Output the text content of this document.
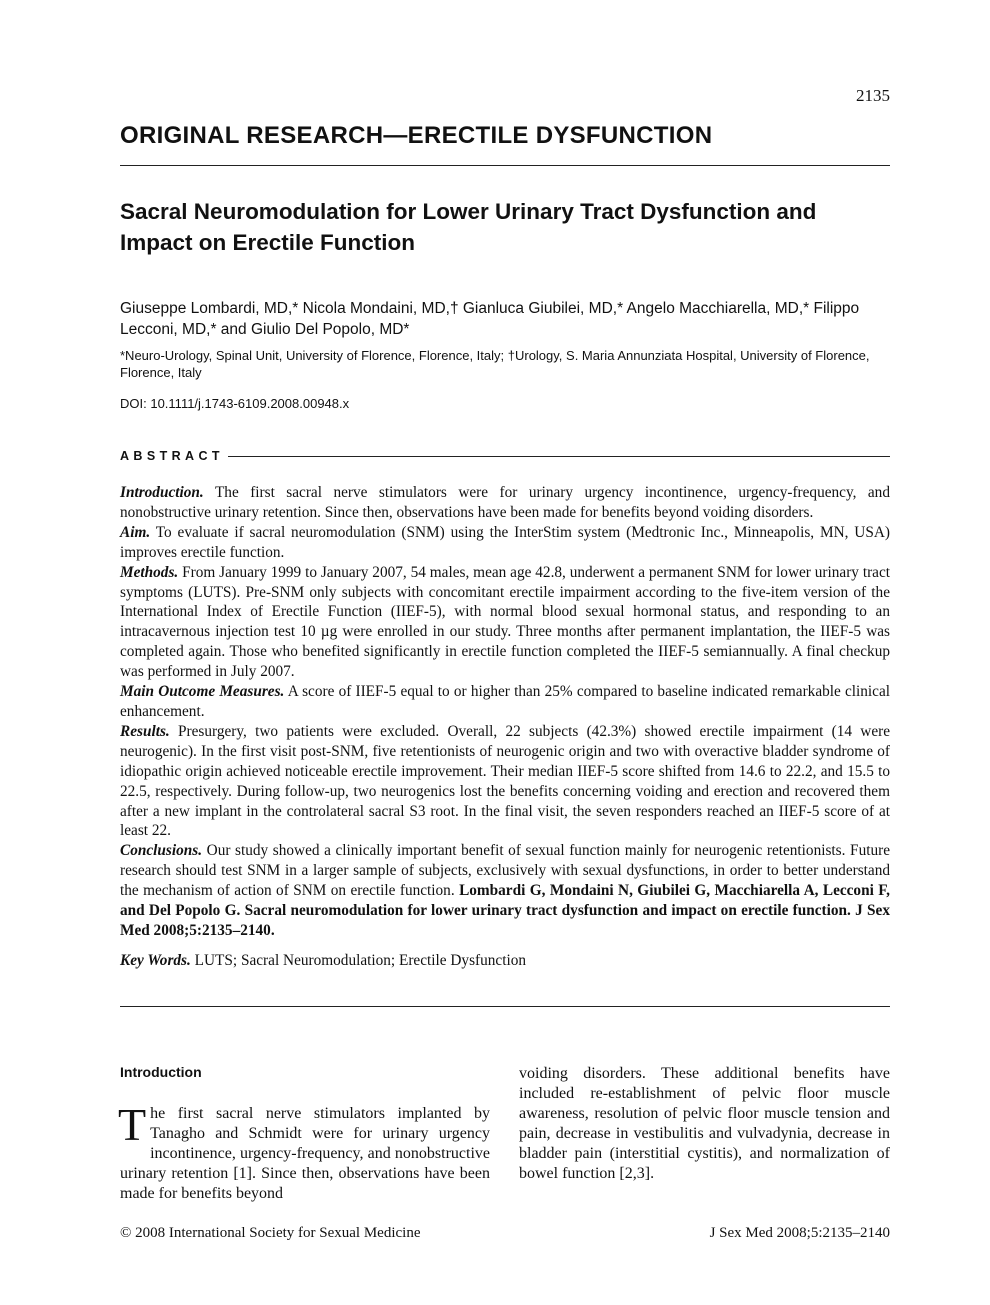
2135
ORIGINAL RESEARCH—ERECTILE DYSFUNCTION
Sacral Neuromodulation for Lower Urinary Tract Dysfunction and Impact on Erectile Function
Giuseppe Lombardi, MD,* Nicola Mondaini, MD,† Gianluca Giubilei, MD,* Angelo Macchiarella, MD,* Filippo Lecconi, MD,* and Giulio Del Popolo, MD*
*Neuro-Urology, Spinal Unit, University of Florence, Florence, Italy; †Urology, S. Maria Annunziata Hospital, University of Florence, Florence, Italy
DOI: 10.1111/j.1743-6109.2008.00948.x
ABSTRACT

Introduction. The first sacral nerve stimulators were for urinary urgency incontinence, urgency-frequency, and nonobstructive urinary retention. Since then, observations have been made for benefits beyond voiding disorders.

Aim. To evaluate if sacral neuromodulation (SNM) using the InterStim system (Medtronic Inc., Minneapolis, MN, USA) improves erectile function.

Methods. From January 1999 to January 2007, 54 males, mean age 42.8, underwent a permanent SNM for lower urinary tract symptoms (LUTS). Pre-SNM only subjects with concomitant erectile impairment according to the five-item version of the International Index of Erectile Function (IIEF-5), with normal blood sexual hormonal status, and responding to an intracavernous injection test 10 µg were enrolled in our study. Three months after permanent implantation, the IIEF-5 was completed again. Those who benefited significantly in erectile function completed the IIEF-5 semiannually. A final checkup was performed in July 2007.

Main Outcome Measures. A score of IIEF-5 equal to or higher than 25% compared to baseline indicated remarkable clinical enhancement.

Results. Presurgery, two patients were excluded. Overall, 22 subjects (42.3%) showed erectile impairment (14 were neurogenic). In the first visit post-SNM, five retentionists of neurogenic origin and two with overactive bladder syndrome of idiopathic origin achieved noticeable erectile improvement. Their median IIEF-5 score shifted from 14.6 to 22.2, and 15.5 to 22.5, respectively. During follow-up, two neurogenics lost the benefits concerning voiding and erection and recovered them after a new implant in the controlateral sacral S3 root. In the final visit, the seven responders reached an IIEF-5 score of at least 22.

Conclusions. Our study showed a clinically important benefit of sexual function mainly for neurogenic retentionists. Future research should test SNM in a larger sample of subjects, exclusively with sexual dysfunctions, in order to better understand the mechanism of action of SNM on erectile function. Lombardi G, Mondaini N, Giubilei G, Macchiarella A, Lecconi F, and Del Popolo G. Sacral neuromodulation for lower urinary tract dysfunction and impact on erectile function. J Sex Med 2008;5:2135–2140.

Key Words. LUTS; Sacral Neuromodulation; Erectile Dysfunction
Introduction

The first sacral nerve stimulators implanted by Tanagho and Schmidt were for urinary urgency incontinence, urgency-frequency, and nonobstructive urinary retention [1]. Since then, observations have been made for benefits beyond

voiding disorders. These additional benefits have included re-establishment of pelvic floor muscle awareness, resolution of pelvic floor muscle tension and pain, decrease in vestibulitis and vulvadynia, decrease in bladder pain (interstitial cystitis), and normalization of bowel function [2,3].

© 2008 International Society for Sexual Medicine	J Sex Med 2008;5:2135–2140
